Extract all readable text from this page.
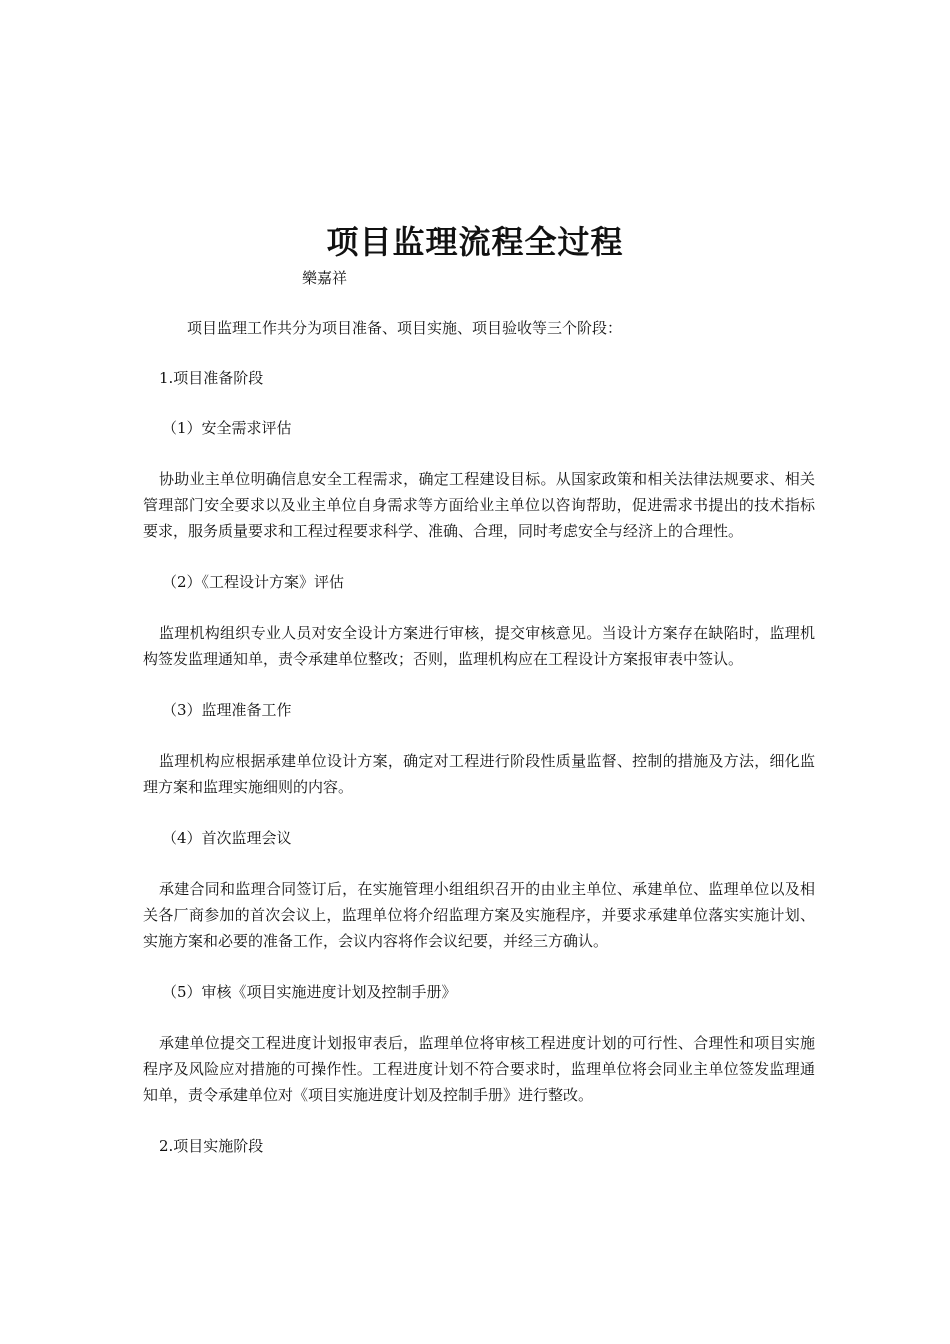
项目监理流程全过程
樂嘉祥

项目监理工作共分为项目准备、项目实施、项目验收等三个阶段：

1.项目准备阶段

（1）安全需求评估

协助业主单位明确信息安全工程需求，确定工程建设目标。从国家政策和相关法律法规要求、相关管理部门安全要求以及业主单位自身需求等方面给业主单位以咨询帮助，促进需求书提出的技术指标要求，服务质量要求和工程过程要求科学、准确、合理，同时考虑安全与经济上的合理性。

（2）《工程设计方案》评估

监理机构组织专业人员对安全设计方案进行审核，提交审核意见。当设计方案存在缺陷时，监理机构签发监理通知单，责令承建单位整改；否则，监理机构应在工程设计方案报审表中签认。

（3）监理准备工作

监理机构应根据承建单位设计方案，确定对工程进行阶段性质量监督、控制的措施及方法，细化监理方案和监理实施细则的内容。

（4）首次监理会议

承建合同和监理合同签订后，在实施管理小组组织召开的由业主单位、承建单位、监理单位以及相关各厂商参加的首次会议上，监理单位将介绍监理方案及实施程序，并要求承建单位落实实施计划、实施方案和必要的准备工作，会议内容将作会议纪要，并经三方确认。

（5）审核《项目实施进度计划及控制手册》

承建单位提交工程进度计划报审表后，监理单位将审核工程进度计划的可行性、合理性和项目实施程序及风险应对措施的可操作性。工程进度计划不符合要求时，监理单位将会同业主单位签发监理通知单，责令承建单位对《项目实施进度计划及控制手册》进行整改。

2.项目实施阶段
